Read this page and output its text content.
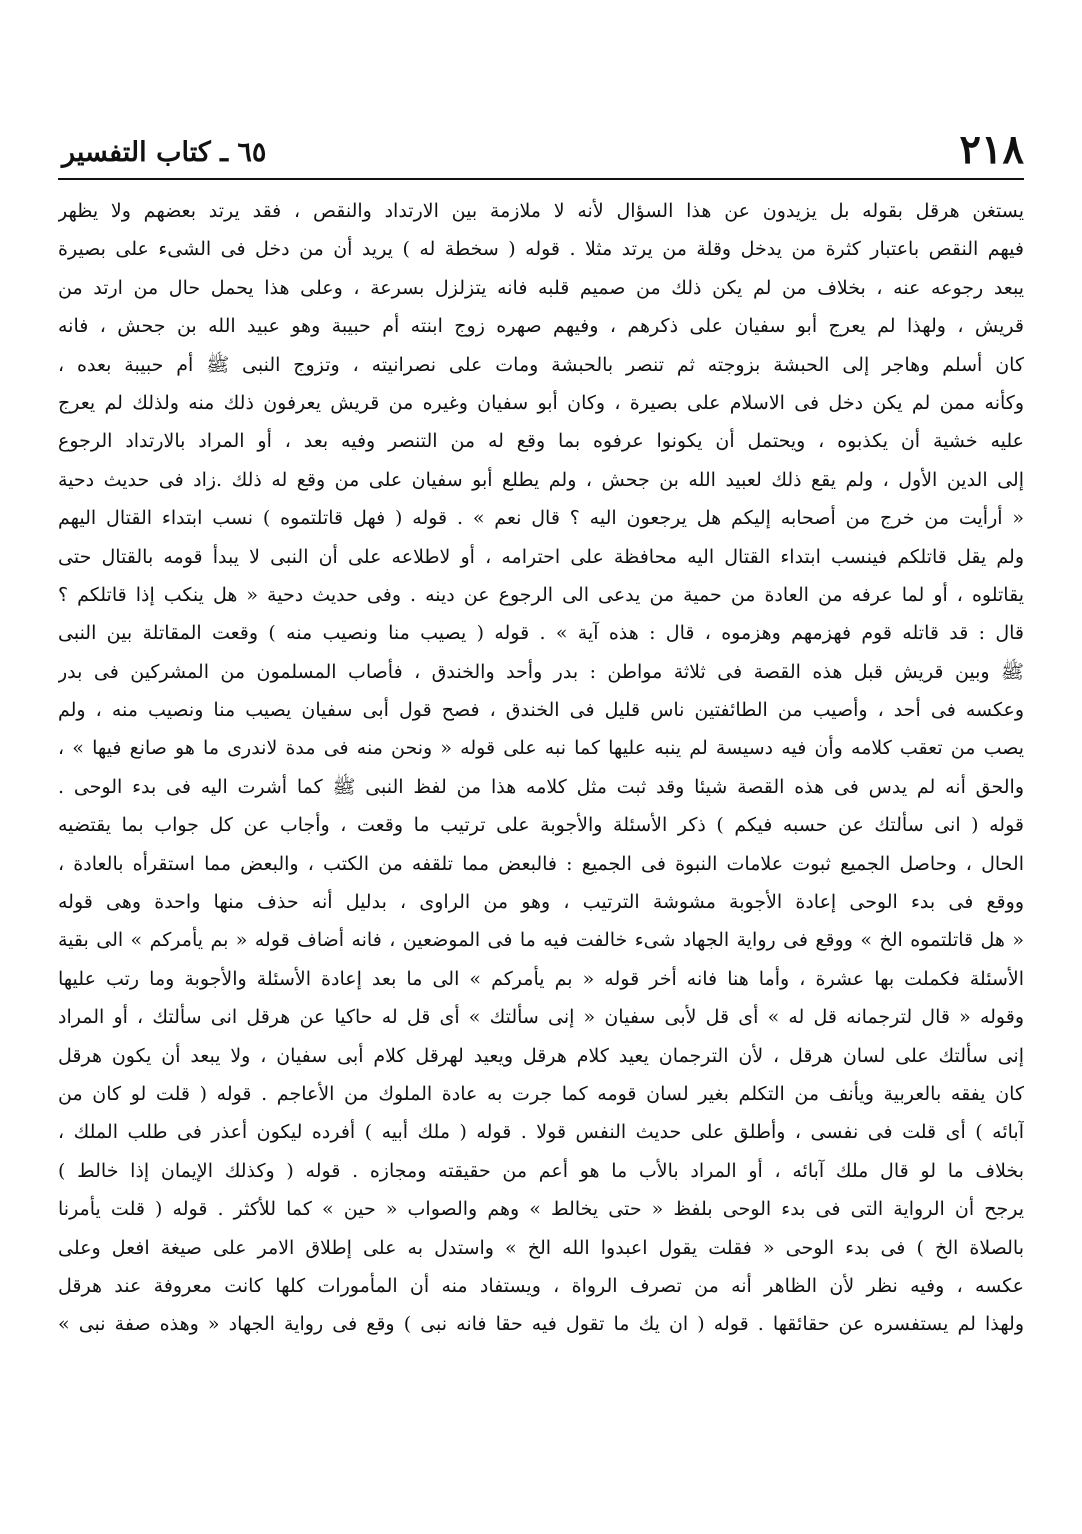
٢١٨
٦٥ ـ كتاب التفسير
يستغن هرقل بقوله بل يزيدون عن هذا السؤال لأنه لا ملازمة بين الارتداد والنقص ، فقد يرتد بعضهم ولا يظهر
فيهم النقص باعتبار كثرة من يدخل وقلة من يرتد مثلا . قوله ( سخطة له ) يريد أن من دخل فى الشىء على بصيرة
يبعد رجوعه عنه ، بخلاف من لم يكن ذلك من صميم قلبه فانه يتزلزل بسرعة ، وعلى هذا يحمل حال من ارتد من
قريش ، ولهذا لم يعرج أبو سفيان على ذكرهم ، وفيهم صهره زوج ابنته أم حبيبة وهو عبيد الله بن جحش ، فانه
كان أسلم وهاجر إلى الحبشة بزوجته ثم تنصر بالحبشة ومات على نصرانيته ، وتزوج النبى ﷺ أم حبيبة بعده ،
وكأنه ممن لم يكن دخل فى الاسلام على بصيرة ، وكان أبو سفيان وغيره من قريش يعرفون ذلك منه ولذلك لم يعرج
عليه خشية أن يكذبوه ، ويحتمل أن يكونوا عرفوه بما وقع له من التنصر وفيه بعد ، أو المراد بالارتداد الرجوع
إلى الدين الأول ، ولم يقع ذلك لعبيد الله بن جحش ، ولم يطلع أبو سفيان على من وقع له ذلك .زاد فى حديث دحية
« أرأيت من خرج من أصحابه إليكم هل يرجعون اليه ؟ قال نعم » . قوله ( فهل قاتلتموه ) نسب ابتداء القتال اليهم
ولم يقل قاتلكم فينسب ابتداء القتال اليه محافظة على احترامه ، أو لاطلاعه على أن النبى لا يبدأ قومه بالقتال حتى
يقاتلوه ، أو لما عرفه من العادة من حمية من يدعى الى الرجوع عن دينه . وفى حديث دحية « هل ينكب إذا قاتلكم ؟
قال : قد قاتله قوم فهزمهم وهزموه ، قال : هذه آية » . قوله ( يصيب منا ونصيب منه ) وقعت المقاتلة بين النبى
ﷺ وبين قريش قبل هذه القصة فى ثلاثة مواطن : بدر وأحد والخندق ، فأصاب المسلمون من المشركين فى بدر
وعكسه فى أحد ، وأصيب من الطائفتين ناس قليل فى الخندق ، فصح قول أبى سفيان يصيب منا ونصيب منه ، ولم
يصب من تعقب كلامه وأن فيه دسيسة لم ينبه عليها كما نبه على قوله « ونحن منه فى مدة لاندرى ما هو صانع فيها » ،
والحق أنه لم يدس فى هذه القصة شيئا وقد ثبت مثل كلامه هذا من لفظ النبى ﷺ كما أشرت اليه فى بدء الوحى .
قوله ( انى سألتك عن حسبه فيكم ) ذكر الأسئلة والأجوبة على ترتيب ما وقعت ، وأجاب عن كل جواب بما يقتضيه
الحال ، وحاصل الجميع ثبوت علامات النبوة فى الجميع : فالبعض مما تلقفه من الكتب ، والبعض مما استقرأه بالعادة ،
ووقع فى بدء الوحى إعادة الأجوبة مشوشة الترتيب ، وهو من الراوى ، بدليل أنه حذف منها واحدة وهى قوله
« هل قاتلتموه الخ » ووقع فى رواية الجهاد شىء خالفت فيه ما فى الموضعين ، فانه أضاف قوله « بم يأمركم » الى بقية
الأسئلة فكملت بها عشرة ، وأما هنا فانه أخر قوله « بم يأمركم » الى ما بعد إعادة الأسئلة والأجوبة وما رتب عليها
وقوله « قال لترجمانه قل له » أى قل لأبى سفيان « إنى سألتك » أى قل له حاكيا عن هرقل انى سألتك ، أو المراد
إنى سألتك على لسان هرقل ، لأن الترجمان يعيد كلام هرقل ويعيد لهرقل كلام أبى سفيان ، ولا يبعد أن يكون هرقل
كان يفقه بالعربية ويأنف من التكلم بغير لسان قومه كما جرت به عادة الملوك من الأعاجم . قوله ( قلت لو كان من
آبائه ) أى قلت فى نفسى ، وأطلق على حديث النفس قولا . قوله ( ملك أبيه ) أفرده ليكون أعذر فى طلب الملك ،
بخلاف ما لو قال ملك آبائه ، أو المراد بالأب ما هو أعم من حقيقته ومجازه . قوله ( وكذلك الإيمان إذا خالط )
يرجح أن الرواية التى فى بدء الوحى بلفظ « حتى يخالط » وهم والصواب « حين » كما للأكثر . قوله ( قلت يأمرنا
بالصلاة الخ ) فى بدء الوحى « فقلت يقول اعبدوا الله الخ » واستدل به على إطلاق الامر على صيغة افعل وعلى
عكسه ، وفيه نظر لأن الظاهر أنه من تصرف الرواة ، ويستفاد منه أن المأمورات كلها كانت معروفة عند هرقل
ولهذا لم يستفسره عن حقائقها . قوله ( ان يك ما تقول فيه حقا فانه نبى ) وقع فى رواية الجهاد « وهذه صفة نبى »
